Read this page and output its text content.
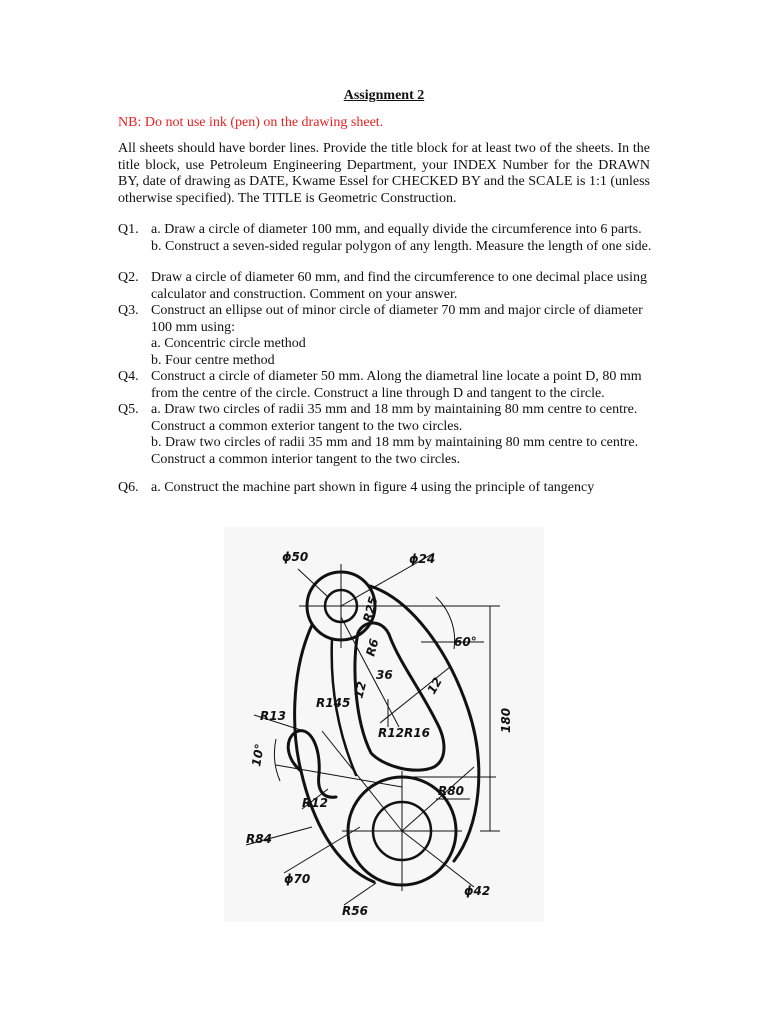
Assignment 2
NB: Do not use ink (pen) on the drawing sheet.
All sheets should have border lines. Provide the title block for at least two of the sheets. In the title block, use Petroleum Engineering Department, your INDEX Number for the DRAWN BY, date of drawing as DATE, Kwame Essel for CHECKED BY and the SCALE is 1:1 (unless otherwise specified). The TITLE is Geometric Construction.
Q1. a. Draw a circle of diameter 100 mm, and equally divide the circumference into 6 parts.
b. Construct a seven-sided regular polygon of any length. Measure the length of one side.
Q2. Draw a circle of diameter 60 mm, and find the circumference to one decimal place using calculator and construction. Comment on your answer.
Q3. Construct an ellipse out of minor circle of diameter 70 mm and major circle of diameter 100 mm using:
a. Concentric circle method
b. Four centre method
Q4. Construct a circle of diameter 50 mm. Along the diametral line locate a point D, 80 mm from the centre of the circle. Construct a line through D and tangent to the circle.
Q5. a. Draw two circles of radii 35 mm and 18 mm by maintaining 80 mm centre to centre.
Construct a common exterior tangent to the two circles.
b. Draw two circles of radii 35 mm and 18 mm by maintaining 80 mm centre to centre.
Construct a common interior tangent to the two circles.
Q6. a. Construct the machine part shown in figure 4 using the principle of tangency
ɸ50	ɸ24
R25
R6
36
R145
12
R13
R12 R16
R12
12
60°
10°
180
R80
R84
ɸ70
ɸ42
R56
